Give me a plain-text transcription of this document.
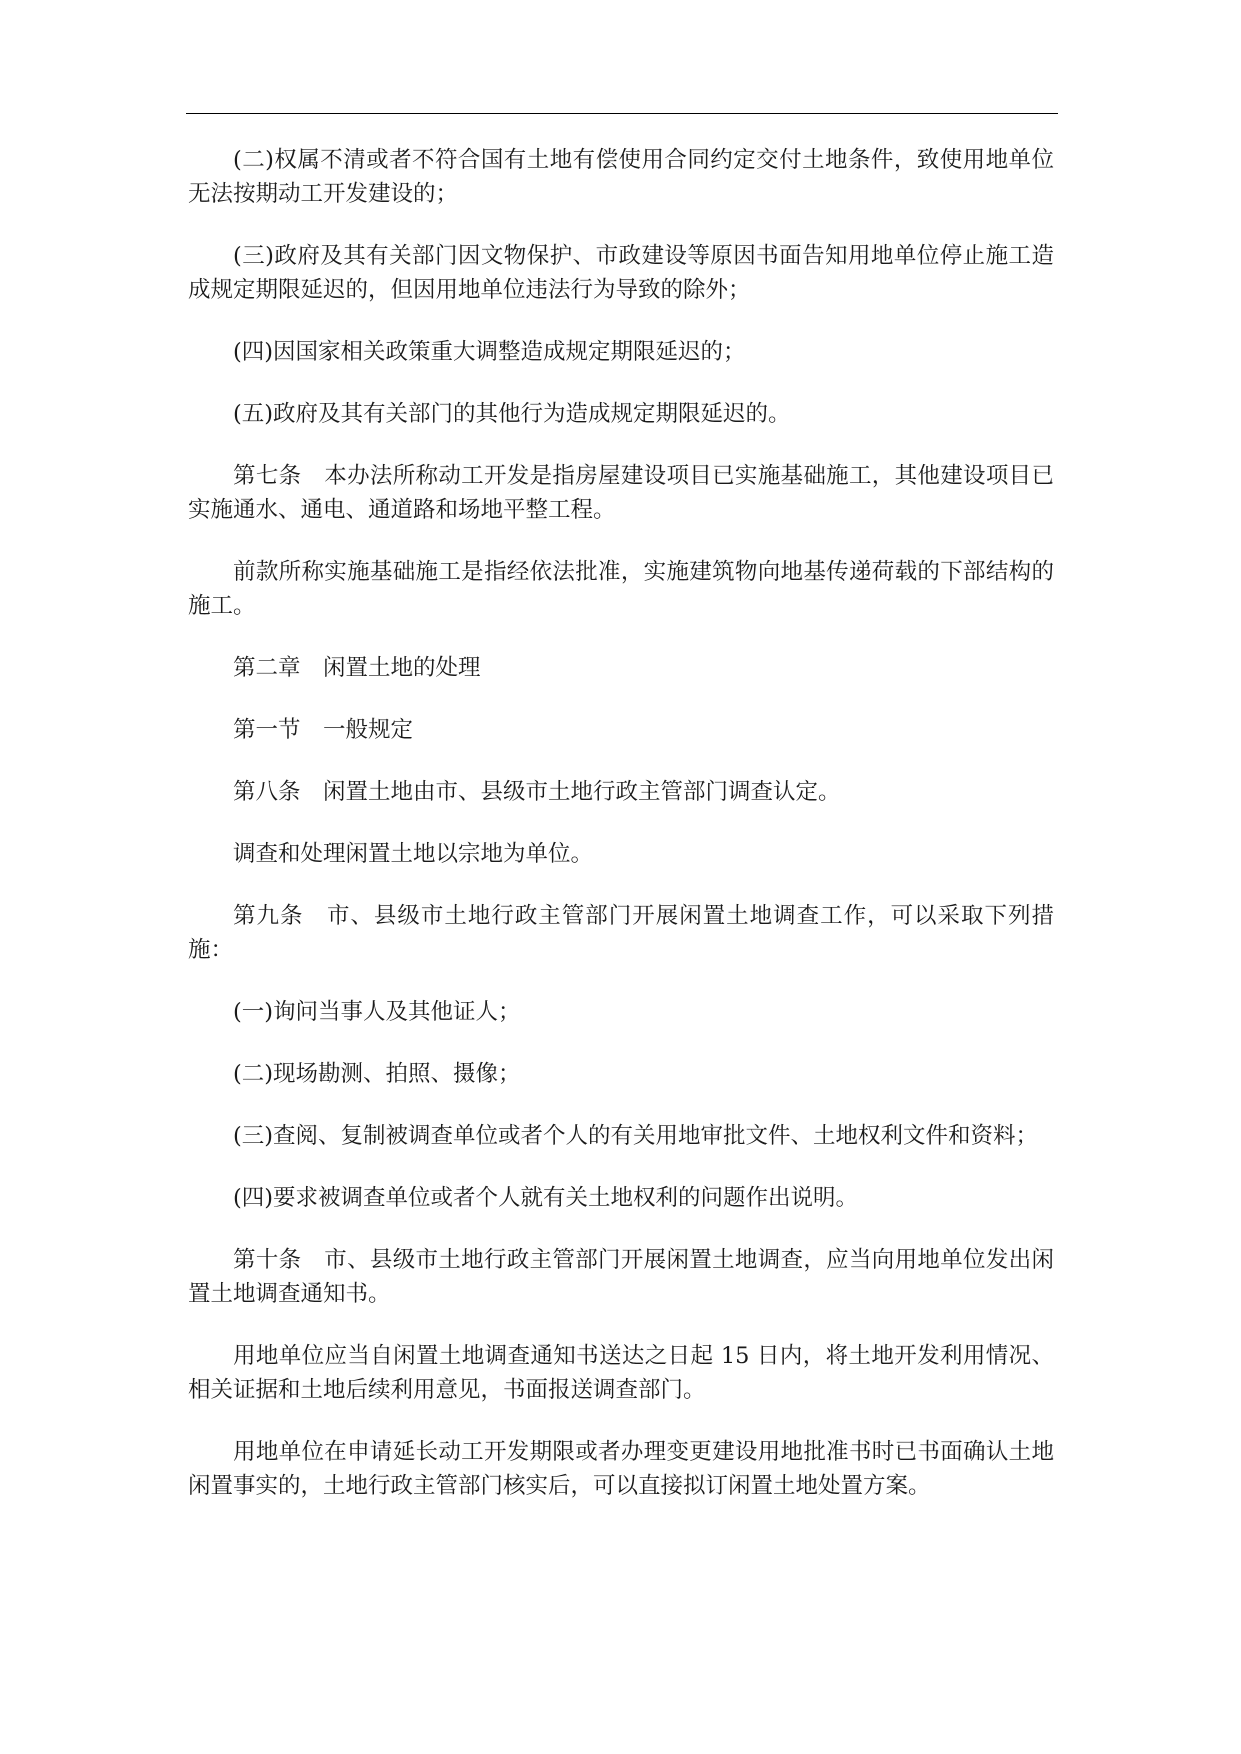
(二)权属不清或者不符合国有土地有偿使用合同约定交付土地条件，致使用地单位无法按期动工开发建设的；

(三)政府及其有关部门因文物保护、市政建设等原因书面告知用地单位停止施工造成规定期限延迟的，但因用地单位违法行为导致的除外；

(四)因国家相关政策重大调整造成规定期限延迟的；

(五)政府及其有关部门的其他行为造成规定期限延迟的。

第七条　本办法所称动工开发是指房屋建设项目已实施基础施工，其他建设项目已实施通水、通电、通道路和场地平整工程。

前款所称实施基础施工是指经依法批准，实施建筑物向地基传递荷载的下部结构的施工。

第二章　闲置土地的处理

第一节　一般规定

第八条　闲置土地由市、县级市土地行政主管部门调查认定。

调查和处理闲置土地以宗地为单位。

第九条　市、县级市土地行政主管部门开展闲置土地调查工作，可以采取下列措施：

(一)询问当事人及其他证人；

(二)现场勘测、拍照、摄像；

(三)查阅、复制被调查单位或者个人的有关用地审批文件、土地权利文件和资料；

(四)要求被调查单位或者个人就有关土地权利的问题作出说明。

第十条　市、县级市土地行政主管部门开展闲置土地调查，应当向用地单位发出闲置土地调查通知书。

用地单位应当自闲置土地调查通知书送达之日起 15 日内，将土地开发利用情况、相关证据和土地后续利用意见，书面报送调查部门。

用地单位在申请延长动工开发期限或者办理变更建设用地批准书时已书面确认土地闲置事实的，土地行政主管部门核实后，可以直接拟订闲置土地处置方案。
